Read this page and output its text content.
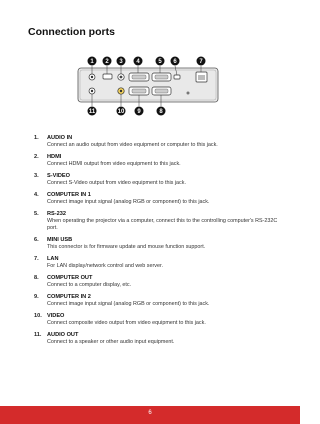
Connection ports
1 2 3 4	5 6	7
11	10 9	8
1.	AUDIO IN
Connect an audio output from video equipment or computer to this jack.
2.	HDMI
Connect HDMI output from video equipment to this jack.
3.	S-VIDEO
Connect S-Video output from video equipment to this jack.
4.	COMPUTER IN 1
Connect image input signal (analog RGB or component) to this jack.
5.	RS-232
When operating the projector via a computer, connect this to the controlling computer's RS-232C port.
6.	MINI USB
This connector is for firmware update and mouse function support.
7.	LAN
For LAN display/network control and web server.
8.	COMPUTER OUT
Connect to a computer display, etc.
9.	COMPUTER IN 2
Connect image input signal (analog RGB or component) to this jack.
10. VIDEO
Connect composite video output from video equipment to this jack.
11. AUDIO OUT
Connect to a speaker or other audio input equipment.
6
